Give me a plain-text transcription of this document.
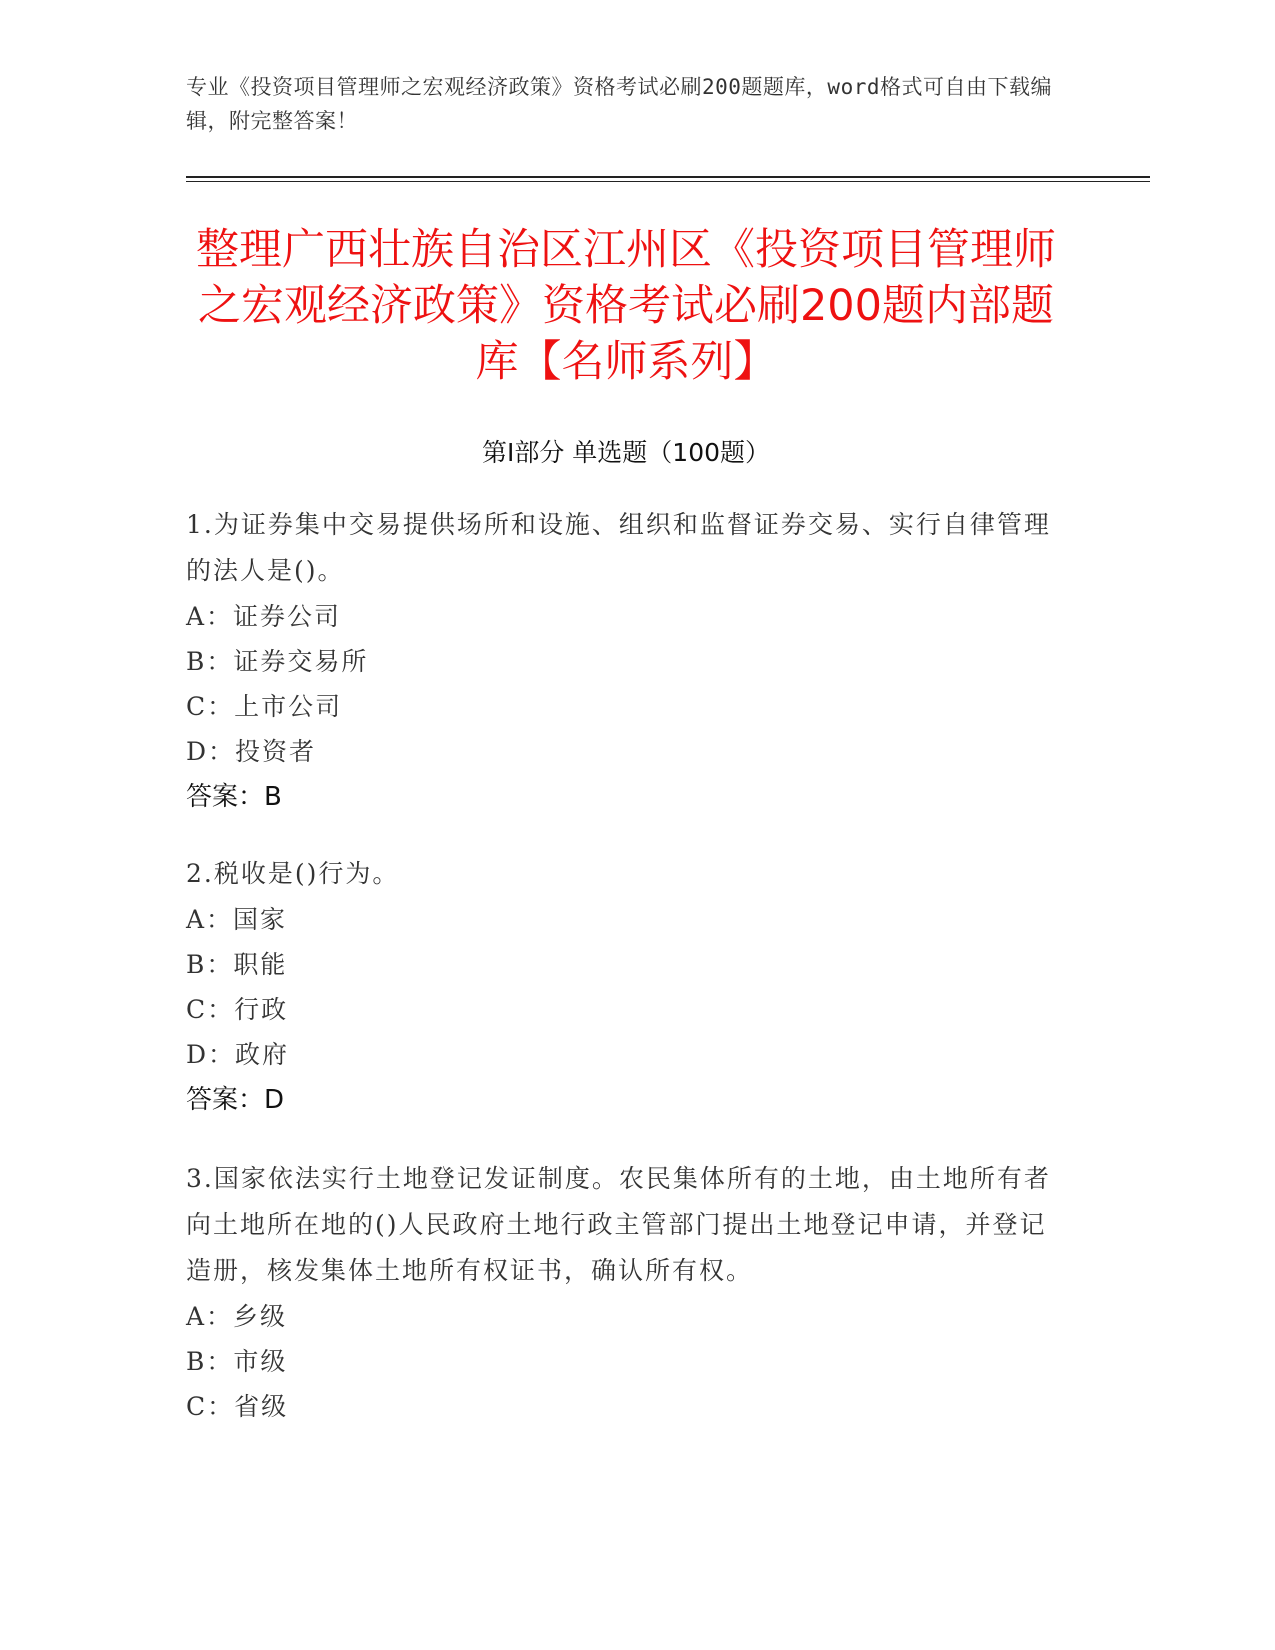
专业《投资项目管理师之宏观经济政策》资格考试必刷200题题库，word格式可自由下载编辑，附完整答案！
整理广西壮族自治区江州区《投资项目管理师之宏观经济政策》资格考试必刷200题内部题库【名师系列】
第Ⅰ部分 单选题（100题）

1.为证券集中交易提供场所和设施、组织和监督证券交易、实行自律管理的法人是()。

A：证券公司

B：证券交易所

C：上市公司

D：投资者

答案：B

2.税收是()行为。

A：国家

B：职能

C：行政

D：政府

答案：D

3.国家依法实行土地登记发证制度。农民集体所有的土地，由土地所有者向土地所在地的()人民政府土地行政主管部门提出土地登记申请，并登记造册，核发集体土地所有权证书，确认所有权。

A：乡级

B：市级

C：省级
